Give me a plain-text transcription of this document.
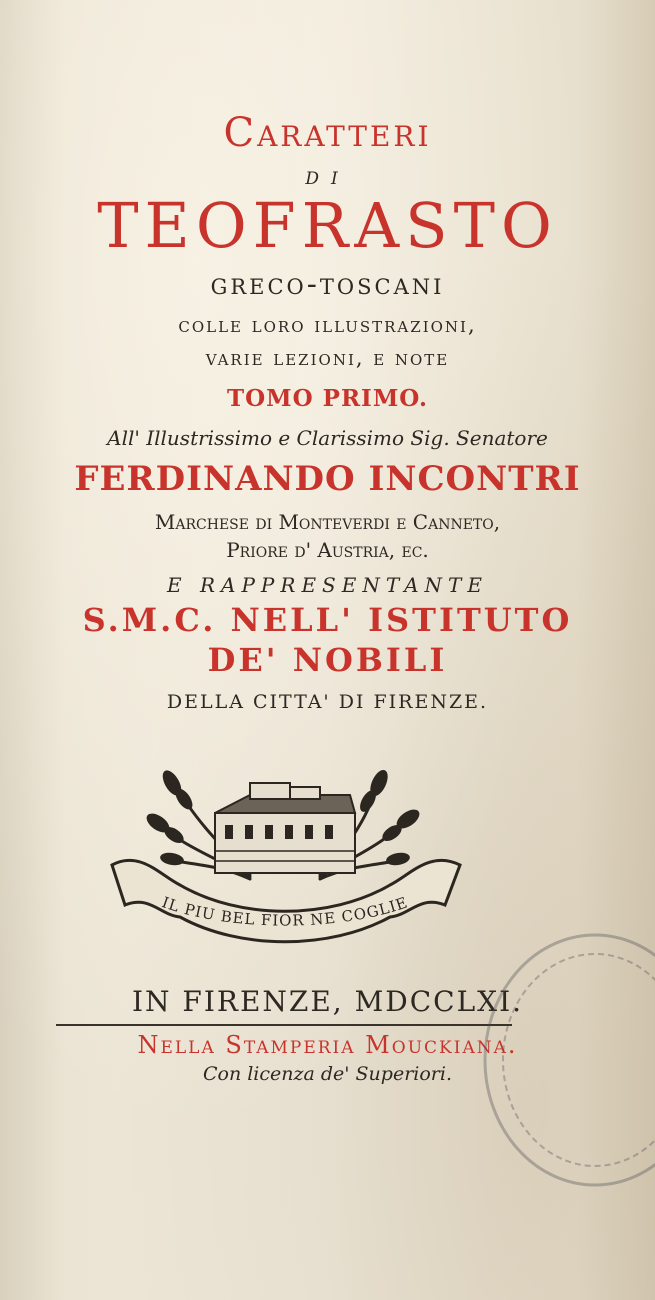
Caratteri

di

TEOFRASTO

greco-toscani

colle loro illustrazioni,

varie lezioni, e note

TOMO PRIMO.

All' Illustrissimo e Clarissimo Sig. Senatore

FERDINANDO INCONTRI

Marchese di Monteverdi e Canneto,

Priore d' Austria, ec.

E RAPPRESENTANTE

S.M.C. NELL' ISTITUTO

DE' NOBILI

DELLA CITTA' DI FIRENZE.

IL PIU BEL FIOR NE COGLIE

IN FIRENZE, MDCCLXI.

Nella Stamperia Mouckiana.

Con licenza de' Superiori.
